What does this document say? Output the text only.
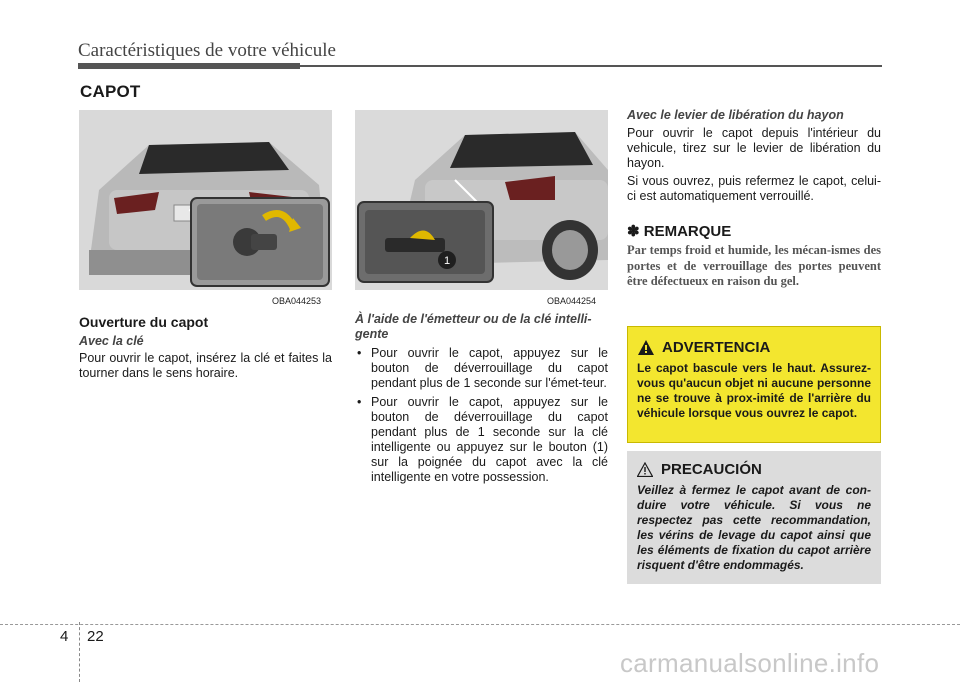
Caractéristiques de votre véhicule
CAPOT
OBA044253
1
OBA044254
Ouverture du capot
Avec la clé
Pour ouvrir le capot, insérez la clé et faites la tourner dans le sens horaire.
À l'aide de l'émetteur ou de la clé intelli-gente
• Pour ouvrir le capot, appuyez sur le bouton de déverrouillage du capot pendant plus de 1 seconde sur l'émet-teur.
• Pour ouvrir le capot, appuyez sur le bouton de déverrouillage du capot pendant plus de 1 seconde sur la clé intelligente ou appuyez sur le bouton (1) sur la poignée du capot avec la clé intelligente en votre possession.
Avec le levier de libération du hayon
Pour ouvrir le capot depuis l'intérieur du vehicule, tirez sur le levier de libération du hayon.
Si vous ouvrez, puis refermez le capot, celui-ci est automatiquement verrouillé.
✽ REMARQUE
Par temps froid et humide, les mécan-ismes des portes et de verrouillage des portes peuvent être défectueux en raison du gel.
ADVERTENCIA
Le capot bascule vers le haut. Assurez-vous qu'aucun objet ni aucune personne ne se trouve à prox-imité de l'arrière du véhicule lorsque vous ouvrez le capot.
PRECAUCIÓN
Veillez à fermez le capot avant de con-duire votre véhicule. Si vous ne respectez pas cette recommandation, les vérins de levage du capot ainsi que les éléments de fixation du capot arrière risquent d'être endommagés.
4 22
carmanualsonline.info
